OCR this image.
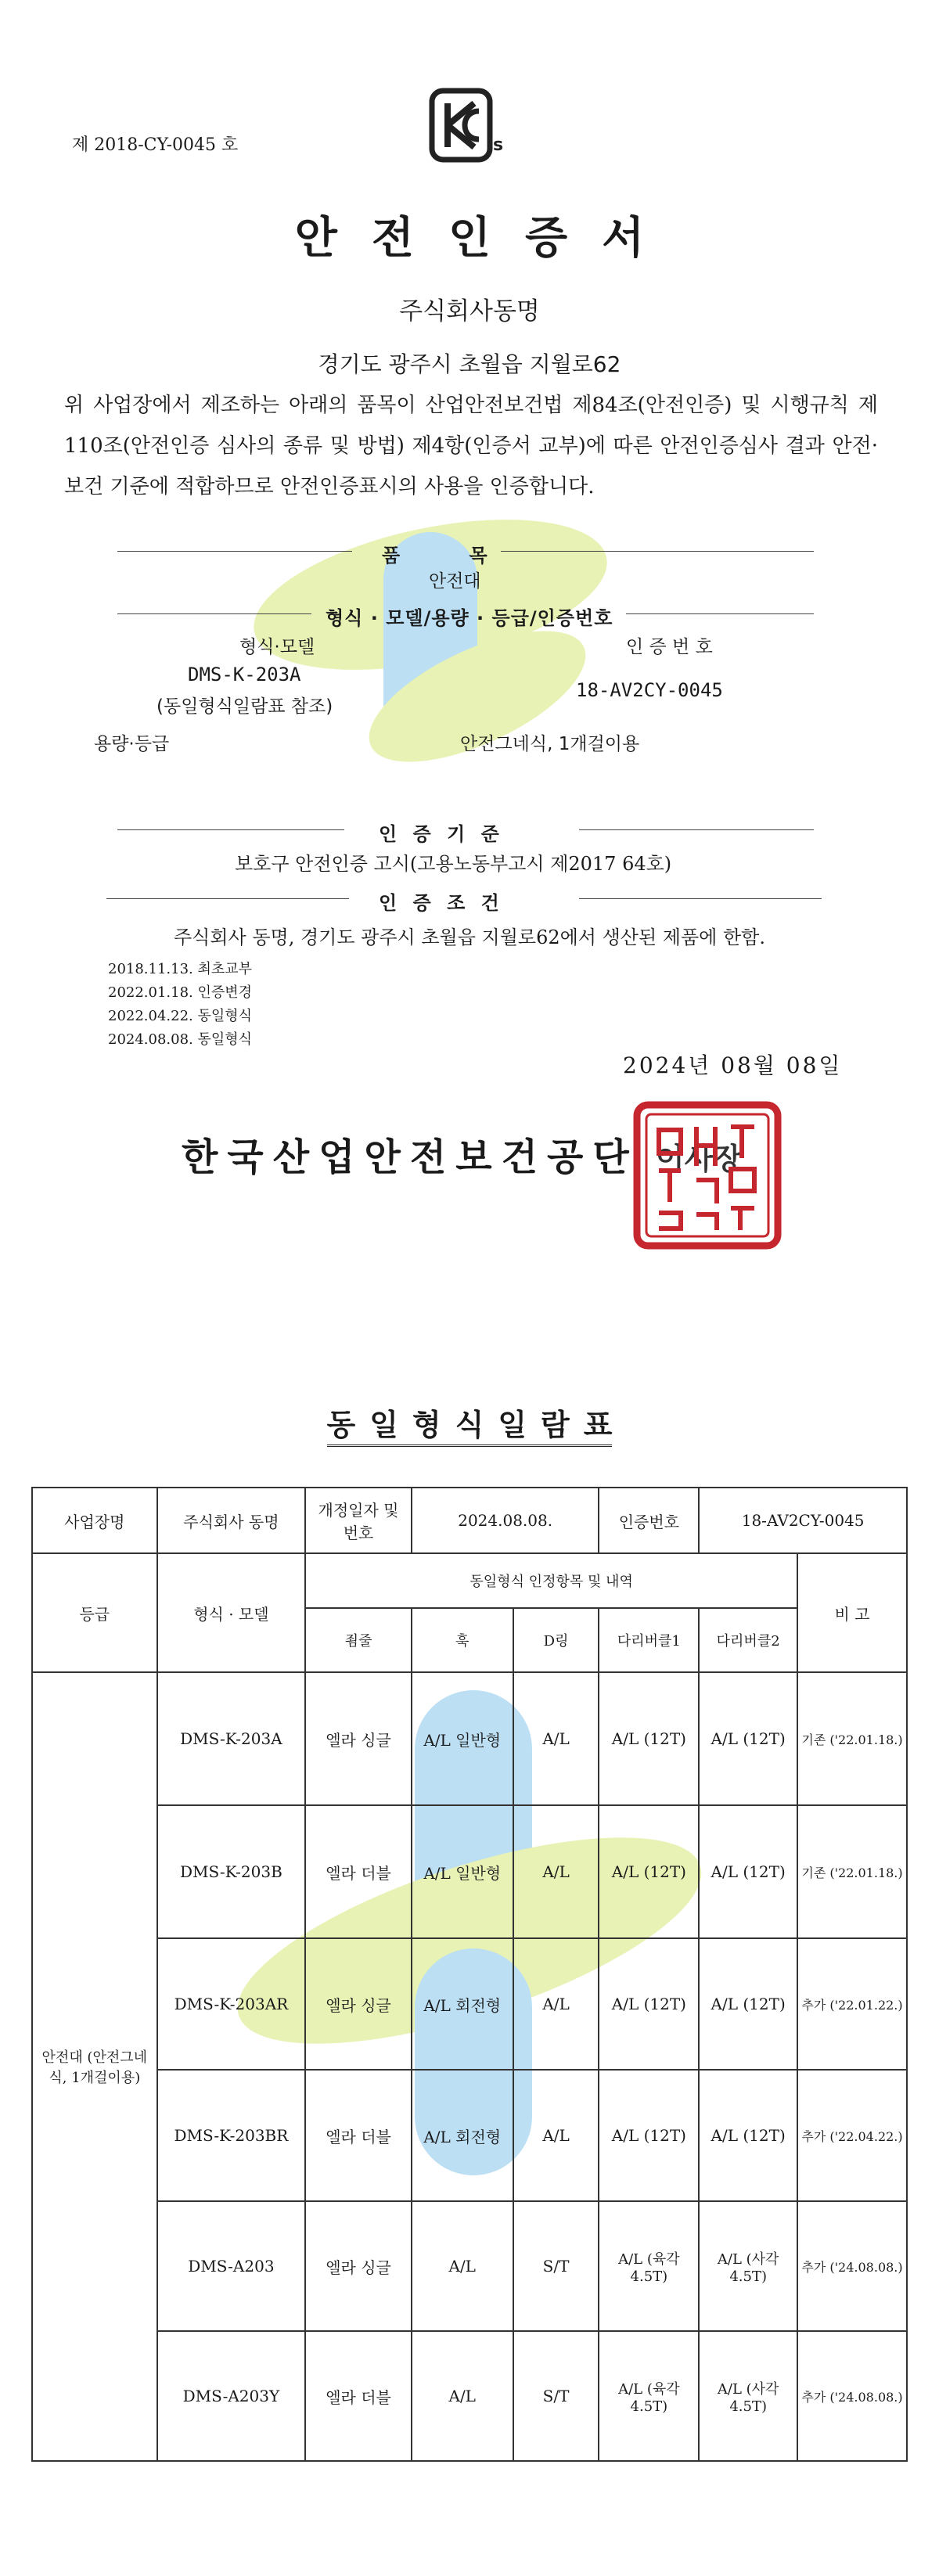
제 2018-CY-0045 호	s
안전인증서
주식회사동명
경기도 광주시 초월읍 지월로62
위 사업장에서 제조하는 아래의 품목이 산업안전보건법 제84조(안전인증) 및 시행규칙 제110조(안전인증 심사의 종류 및 방법) 제4항(인증서 교부)에 따른 안전인증심사 결과 안전·보건 기준에 적합하므로 안전인증표시의 사용을 인증합니다.
품 목
안전대
형식 · 모델/용량 · 등급/인증번호
형식·모델
DMS-K-203A
(동일형식일람표 참조)
인 증 번 호
18-AV2CY-0045
용량·등급	안전그네식, 1개걸이용
인 증 기 준
보호구 안전인증 고시(고용노동부고시 제2017 64호)
인 증 조 건
주식회사 동명, 경기도 광주시 초월읍 지월로62에서 생산된 제품에 한함.
2018.11.13. 최초교부
2022.01.18. 인증변경
2022.04.22. 동일형식
2024.08.08. 동일형식
2024년 08월 08일
한국산업안전보건공단 이사장
동일형식일람표
사업장명	주식회사 동명	개정일자 및 번호	2024.08.08.		인증번호	18-AV2CY-0045	
등급	형식 · 모델	동일형식 인정항목 및 내역					비 고
		죔줄	훅	D링	다리버클1	다리버클2	
안전대 (안전그네식, 1개걸이용)	DMS-K-203A	엘라 싱글	A/L 일반형	A/L	A/L (12T)	A/L (12T)	기존 ('22.01.18.)
	DMS-K-203B	엘라 더블	A/L 일반형	A/L	A/L (12T)	A/L (12T)	기존 ('22.01.18.)
	DMS-K-203AR	엘라 싱글	A/L 회전형	A/L	A/L (12T)	A/L (12T)	추가 ('22.01.22.)
	DMS-K-203BR	엘라 더블	A/L 회전형	A/L	A/L (12T)	A/L (12T)	추가 ('22.04.22.)
	DMS-A203	엘라 싱글	A/L	S/T	A/L (육각4.5T)	A/L (사각4.5T)	추가 ('24.08.08.)
	DMS-A203Y	엘라 더블	A/L	S/T	A/L (육각4.5T)	A/L (사각4.5T)	추가 ('24.08.08.)
